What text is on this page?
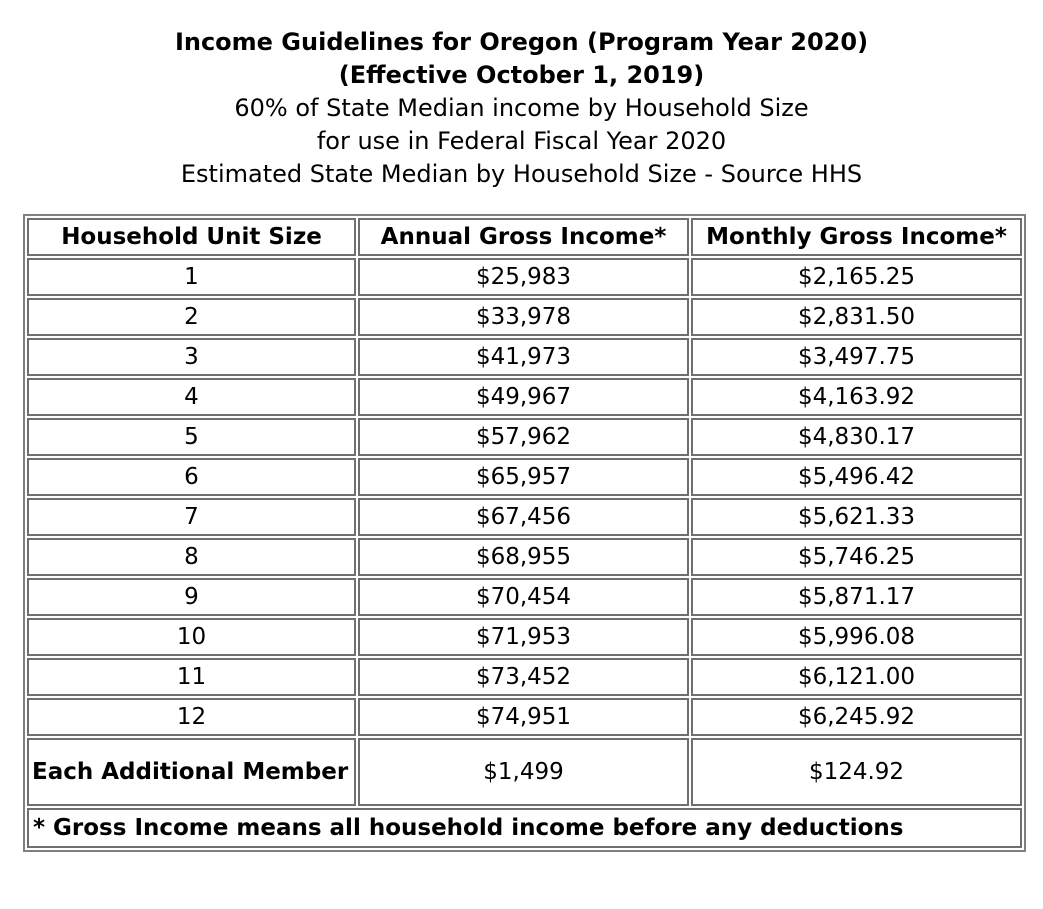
Income Guidelines for Oregon (Program Year 2020)
(Effective October 1, 2019)
60% of State Median income by Household Size
for use in Federal Fiscal Year 2020
Estimated State Median by Household Size - Source HHS
Household Unit Size	Annual Gross Income*	Monthly Gross Income*
1	$25,983	$2,165.25
2	$33,978	$2,831.50
3	$41,973	$3,497.75
4	$49,967	$4,163.92
5	$57,962	$4,830.17
6	$65,957	$5,496.42
7	$67,456	$5,621.33
8	$68,955	$5,746.25
9	$70,454	$5,871.17
10	$71,953	$5,996.08
11	$73,452	$6,121.00
12	$74,951	$6,245.92
Each Additional Member	$1,499	$124.92
* Gross Income means all household income before any deductions		
